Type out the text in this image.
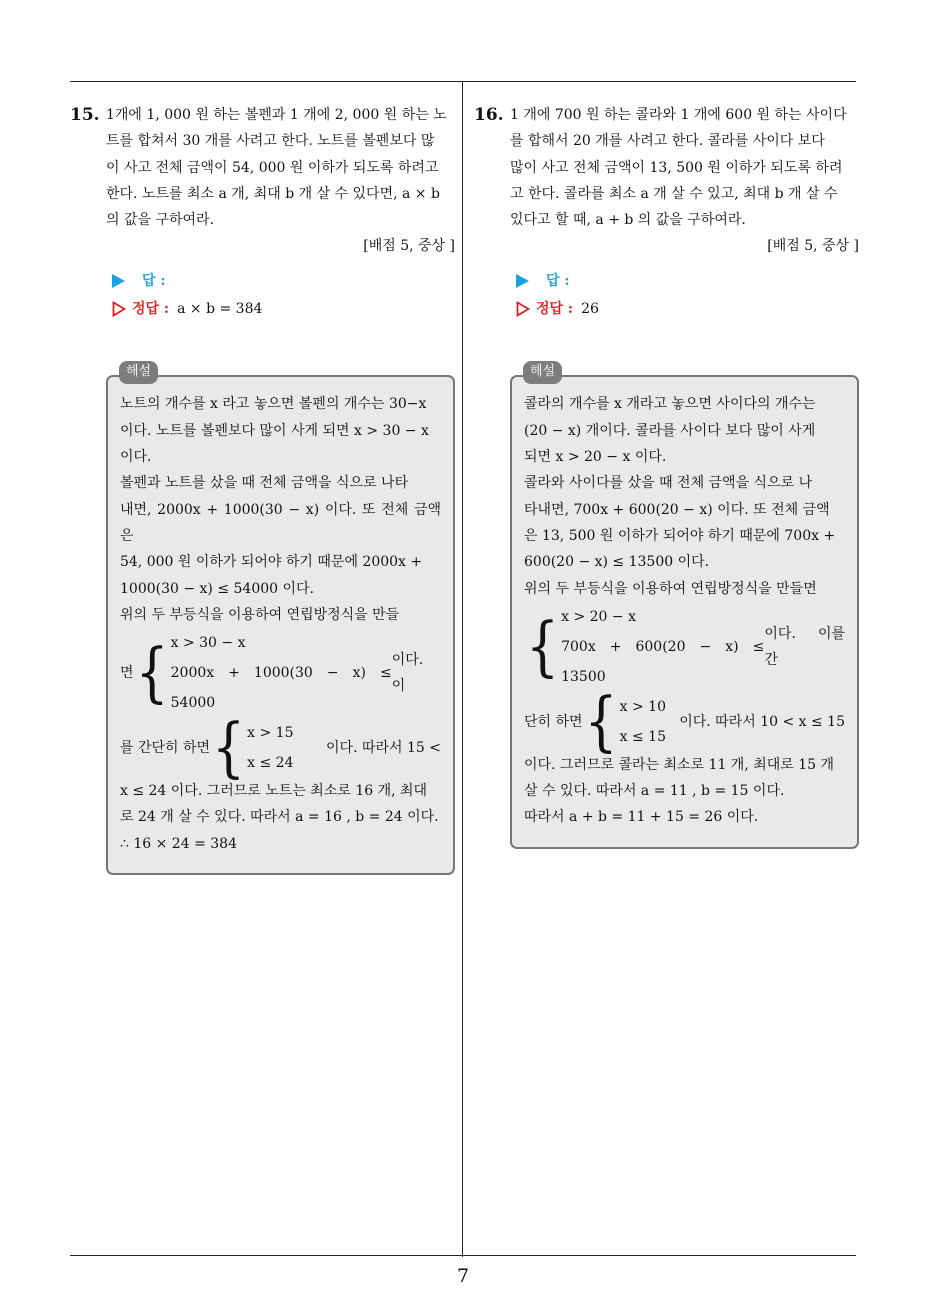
15. 1개에 1, 000 원 하는 볼펜과 1 개에 2, 000 원 하는 노
트를 합쳐서 30 개를 사려고 한다. 노트를 볼펜보다 많
이 사고 전체 금액이 54, 000 원 이하가 되도록 하려고
한다. 노트를 최소 a 개, 최대 b 개 살 수 있다면, a × b
의 값을 구하여라.
[배점 5, 중상 ]
답 :
정답 : a × b = 384
해설
노트의 개수를 x 라고 놓으면 볼펜의 개수는 30−x
이다. 노트를 볼펜보다 많이 사게 되면 x > 30 − x
이다.
볼펜과 노트를 샀을 때 전체 금액을 식으로 나타
내면, 2000x + 1000(30 − x) 이다. 또 전체 금액은
54, 000 원 이하가 되어야 하기 때문에 2000x +
1000(30 − x) ≤ 54000 이다.
위의 두 부등식을 이용하여 연립방정식을 만들
면 { x > 30 − x
2000x + 1000(30 − x) ≤ 54000
이다. 이
를 간단히 하면 { x > 15
x ≤ 24
이다. 따라서 15 <
x ≤ 24 이다. 그러므로 노트는 최소로 16 개, 최대
로 24 개 살 수 있다. 따라서 a = 16 , b = 24 이다.
∴ 16 × 24 = 384
16. 1 개에 700 원 하는 콜라와 1 개에 600 원 하는 사이다
를 합해서 20 개를 사려고 한다. 콜라를 사이다 보다
많이 사고 전체 금액이 13, 500 원 이하가 되도록 하려
고 한다. 콜라를 최소 a 개 살 수 있고, 최대 b 개 살 수
있다고 할 때, a + b 의 값을 구하여라.
[배점 5, 중상 ]
답 :
정답 : 26
해설
콜라의 개수를 x 개라고 놓으면 사이다의 개수는
(20 − x) 개이다. 콜라를 사이다 보다 많이 사게
되면 x > 20 − x 이다.
콜라와 사이다를 샀을 때 전체 금액을 식으로 나
타내면, 700x + 600(20 − x) 이다. 또 전체 금액
은 13, 500 원 이하가 되어야 하기 때문에 700x +
600(20 − x) ≤ 13500 이다.
위의 두 부등식을 이용하여 연립방정식을 만들면
{ x > 20 − x
700x + 600(20 − x) ≤ 13500
이다. 이를 간
단히 하면 { x > 10
x ≤ 15
이다. 따라서 10 < x ≤ 15
이다. 그러므로 콜라는 최소로 11 개, 최대로 15 개
살 수 있다. 따라서 a = 11 , b = 15 이다.
따라서 a + b = 11 + 15 = 26 이다.
7
